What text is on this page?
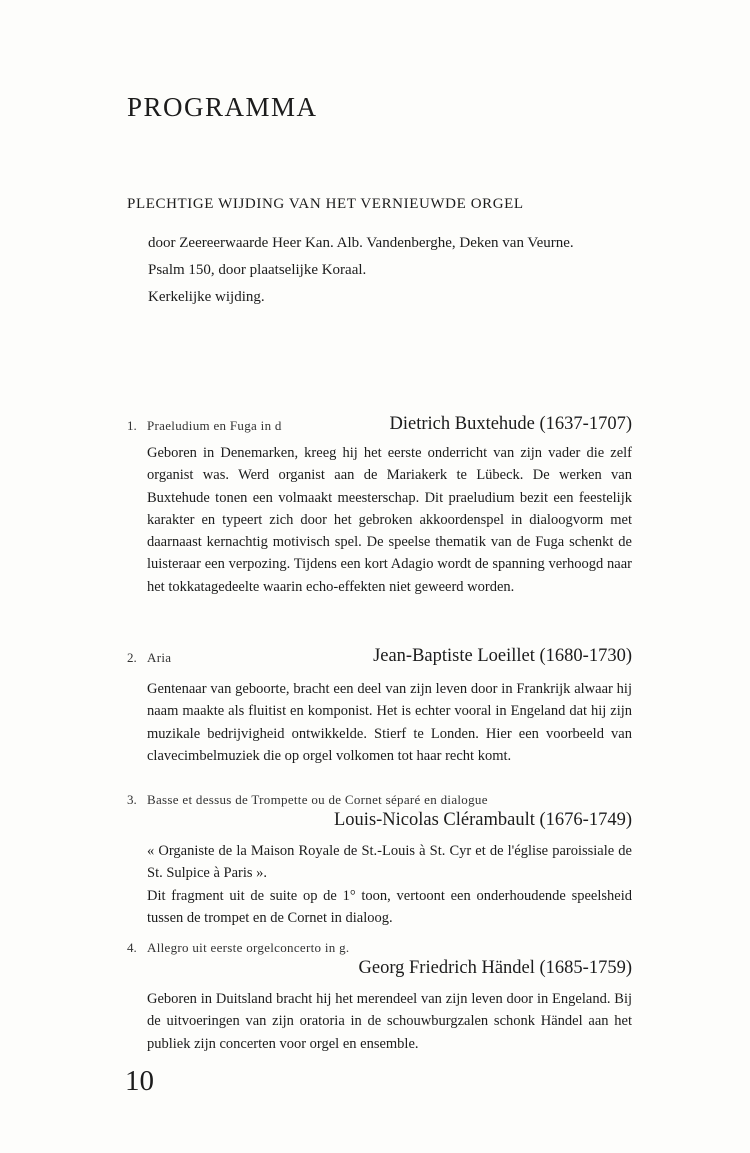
PROGRAMMA
PLECHTIGE WIJDING VAN HET VERNIEUWDE ORGEL
door Zeereerwaarde Heer Kan. Alb. Vandenberghe, Deken van Veurne.
Psalm 150, door plaatselijke Koraal.
Kerkelijke wijding.
1. Praeludium en Fuga in d	Dietrich Buxtehude (1637-1707)

Geboren in Denemarken, kreeg hij het eerste onderricht van zijn vader die zelf organist was. Werd organist aan de Mariakerk te Lübeck. De werken van Buxtehude tonen een volmaakt meesterschap. Dit praeludium bezit een feestelijk karakter en typeert zich door het gebroken akkoordenspel in dialoogvorm met daarnaast kernachtig motivisch spel. De speelse thematik van de Fuga schenkt de luisteraar een verpozing. Tijdens een kort Adagio wordt de spanning verhoogd naar het tokkatagedeelte waarin echo-effekten niet geweerd worden.

2. Aria	Jean-Baptiste Loeillet (1680-1730)

Gentenaar van geboorte, bracht een deel van zijn leven door in Frankrijk alwaar hij naam maakte als fluitist en komponist. Het is echter vooral in Engeland dat hij zijn muzikale bedrijvigheid ontwikkelde. Stierf te Londen. Hier een voorbeeld van clavecimbelmuziek die op orgel volkomen tot haar recht komt.

3. Basse et dessus de Trompette ou de Cornet séparé en dialogue
Louis-Nicolas Clérambault (1676-1749)

« Organiste de la Maison Royale de St.-Louis à St. Cyr et de l'église paroissiale de St. Sulpice à Paris ».

Dit fragment uit de suite op de 1° toon, vertoont een onderhoudende speelsheid tussen de trompet en de Cornet in dialoog.

4. Allegro uit eerste orgelconcerto in g.
Georg Friedrich Händel (1685-1759)

Geboren in Duitsland bracht hij het merendeel van zijn leven door in Engeland. Bij de uitvoeringen van zijn oratoria in de schouwburgzalen schonk Händel aan het publiek zijn concerten voor orgel en ensemble.

10
